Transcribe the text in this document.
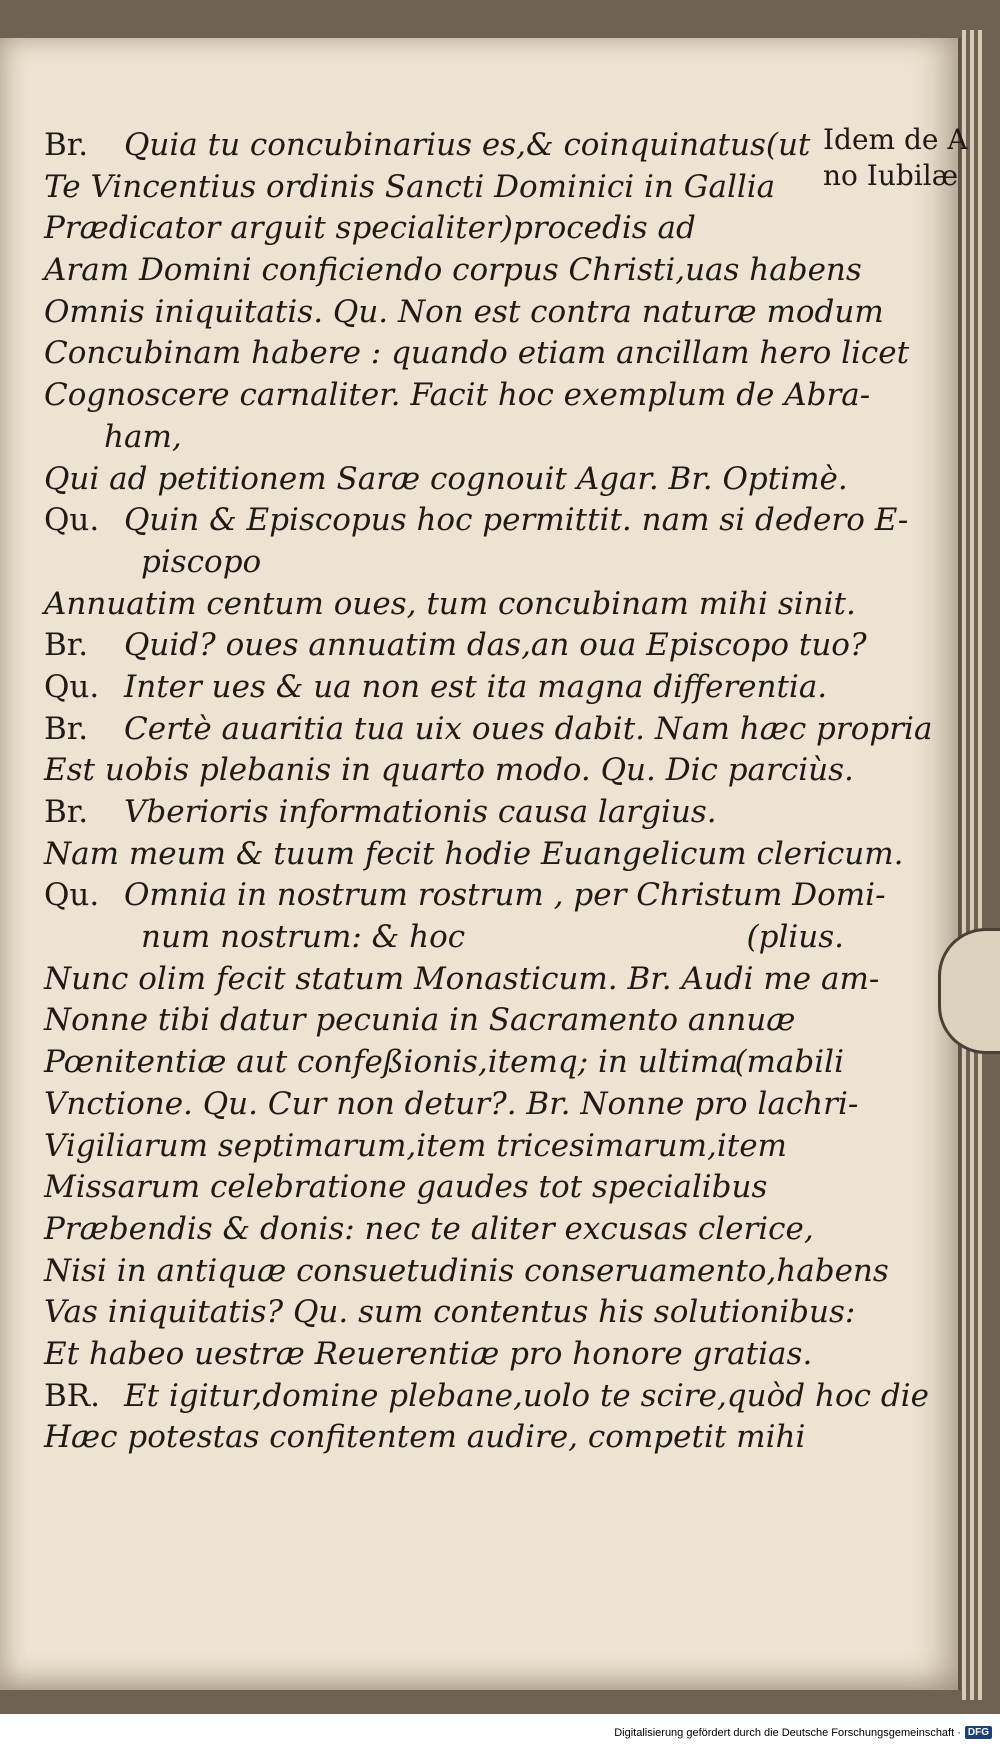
Idem de A
no Iubilæ
Br. Quia tu concubinarius es,& coinquinatus(ut
Te Vincentius ordinis Sancti Dominici in Gallia
Prædicator arguit specialiter)procedis ad
Aram Domini conficiendo corpus Christi,uas habens
Omnis iniquitatis. Qu. Non est contra naturæ modum
Concubinam habere : quando etiam ancillam hero licet
Cognoscere carnaliter. Facit hoc exemplum de Abra-
ham,
Qui ad petitionem Saræ cognouit Agar. Br. Optimè.
Qu. Quin & Episcopus hoc permittit. nam si dedero E-
piscopo
Annuatim centum oues, tum concubinam mihi sinit.
Br. Quid? oues annuatim das,an oua Episcopo tuo?
Qu. Inter ues & ua non est ita magna differentia.
Br. Certè auaritia tua uix oues dabit. Nam hæc propria
Est uobis plebanis in quarto modo. Qu. Dic parciùs.
Br. Vberioris informationis causa largius.
Nam meum & tuum fecit hodie Euangelicum clericum.
Qu. Omnia in nostrum rostrum , per Christum Domi-
num nostrum: & hoc	(plius.
Nunc olim fecit statum Monasticum. Br. Audi me am-
Nonne tibi datur pecunia in Sacramento annuæ
Pœnitentiæ aut confeßionis,itemq; in ultima
(mabili
Vnctione. Qu. Cur non detur?. Br. Nonne pro lachri-
Vigiliarum septimarum,item tricesimarum,item
Missarum celebratione gaudes tot specialibus
Præbendis & donis: nec te aliter excusas clerice,
Nisi in antiquæ consuetudinis conseruamento,habens
Vas iniquitatis? Qu. sum contentus his solutionibus:
Et habeo uestræ Reuerentiæ pro honore gratias.
BR. Et igitur,domine plebane,uolo te scire,quòd hoc die
Hæc potestas confitentem audire, competit mihi
Digitalisierung gefördert durch die Deutsche Forschungsgemeinschaft · DFG
